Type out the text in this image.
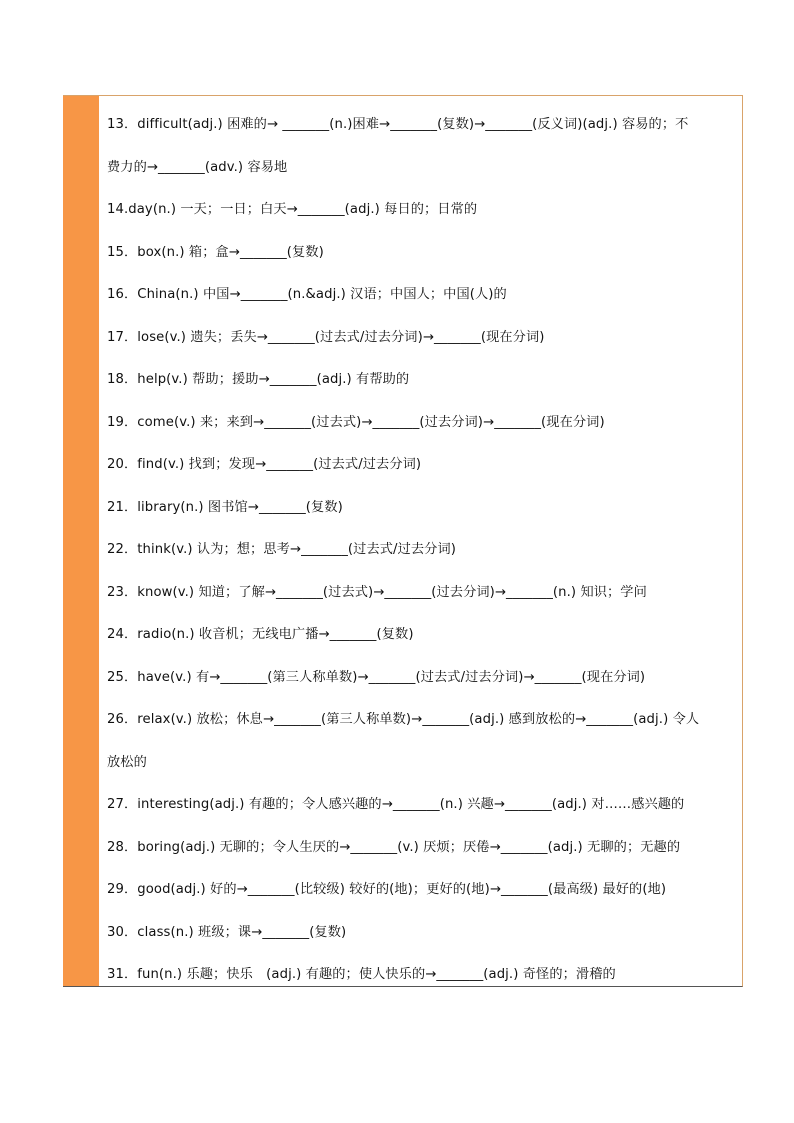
13．difficult(adj.) 困难的→ _______(n.)困难→_______(复数)→_______(反义词)(adj.) 容易的；不
费力的→_______(adv.) 容易地
14.day(n.) 一天；一日；白天→_______(adj.) 每日的；日常的
15．box(n.) 箱；盒→_______(复数)
16．China(n.) 中国→_______(n.&adj.) 汉语；中国人；中国(人)的
17．lose(v.) 遗失；丢失→_______(过去式/过去分词)→_______(现在分词)
18．help(v.) 帮助；援助→_______(adj.) 有帮助的
19．come(v.) 来；来到→_______(过去式)→_______(过去分词)→_______(现在分词)
20．find(v.) 找到；发现→_______(过去式/过去分词)
21．library(n.) 图书馆→_______(复数)
22．think(v.) 认为；想；思考→_______(过去式/过去分词)
23．know(v.) 知道；了解→_______(过去式)→_______(过去分词)→_______(n.) 知识；学问
24．radio(n.) 收音机；无线电广播→_______(复数)
25．have(v.) 有→_______(第三人称单数)→_______(过去式/过去分词)→_______(现在分词)
26．relax(v.) 放松；休息→_______(第三人称单数)→_______(adj.) 感到放松的→_______(adj.) 令人
放松的
27．interesting(adj.) 有趣的；令人感兴趣的→_______(n.) 兴趣→_______(adj.) 对……感兴趣的
28．boring(adj.) 无聊的；令人生厌的→_______(v.) 厌烦；厌倦→_______(adj.) 无聊的；无趣的
29．good(adj.) 好的→_______(比较级) 较好的(地)；更好的(地)→_______(最高级) 最好的(地)
30．class(n.) 班级；课→_______(复数)
31．fun(n.) 乐趣；快乐　(adj.) 有趣的；使人快乐的→_______(adj.) 奇怪的；滑稽的
